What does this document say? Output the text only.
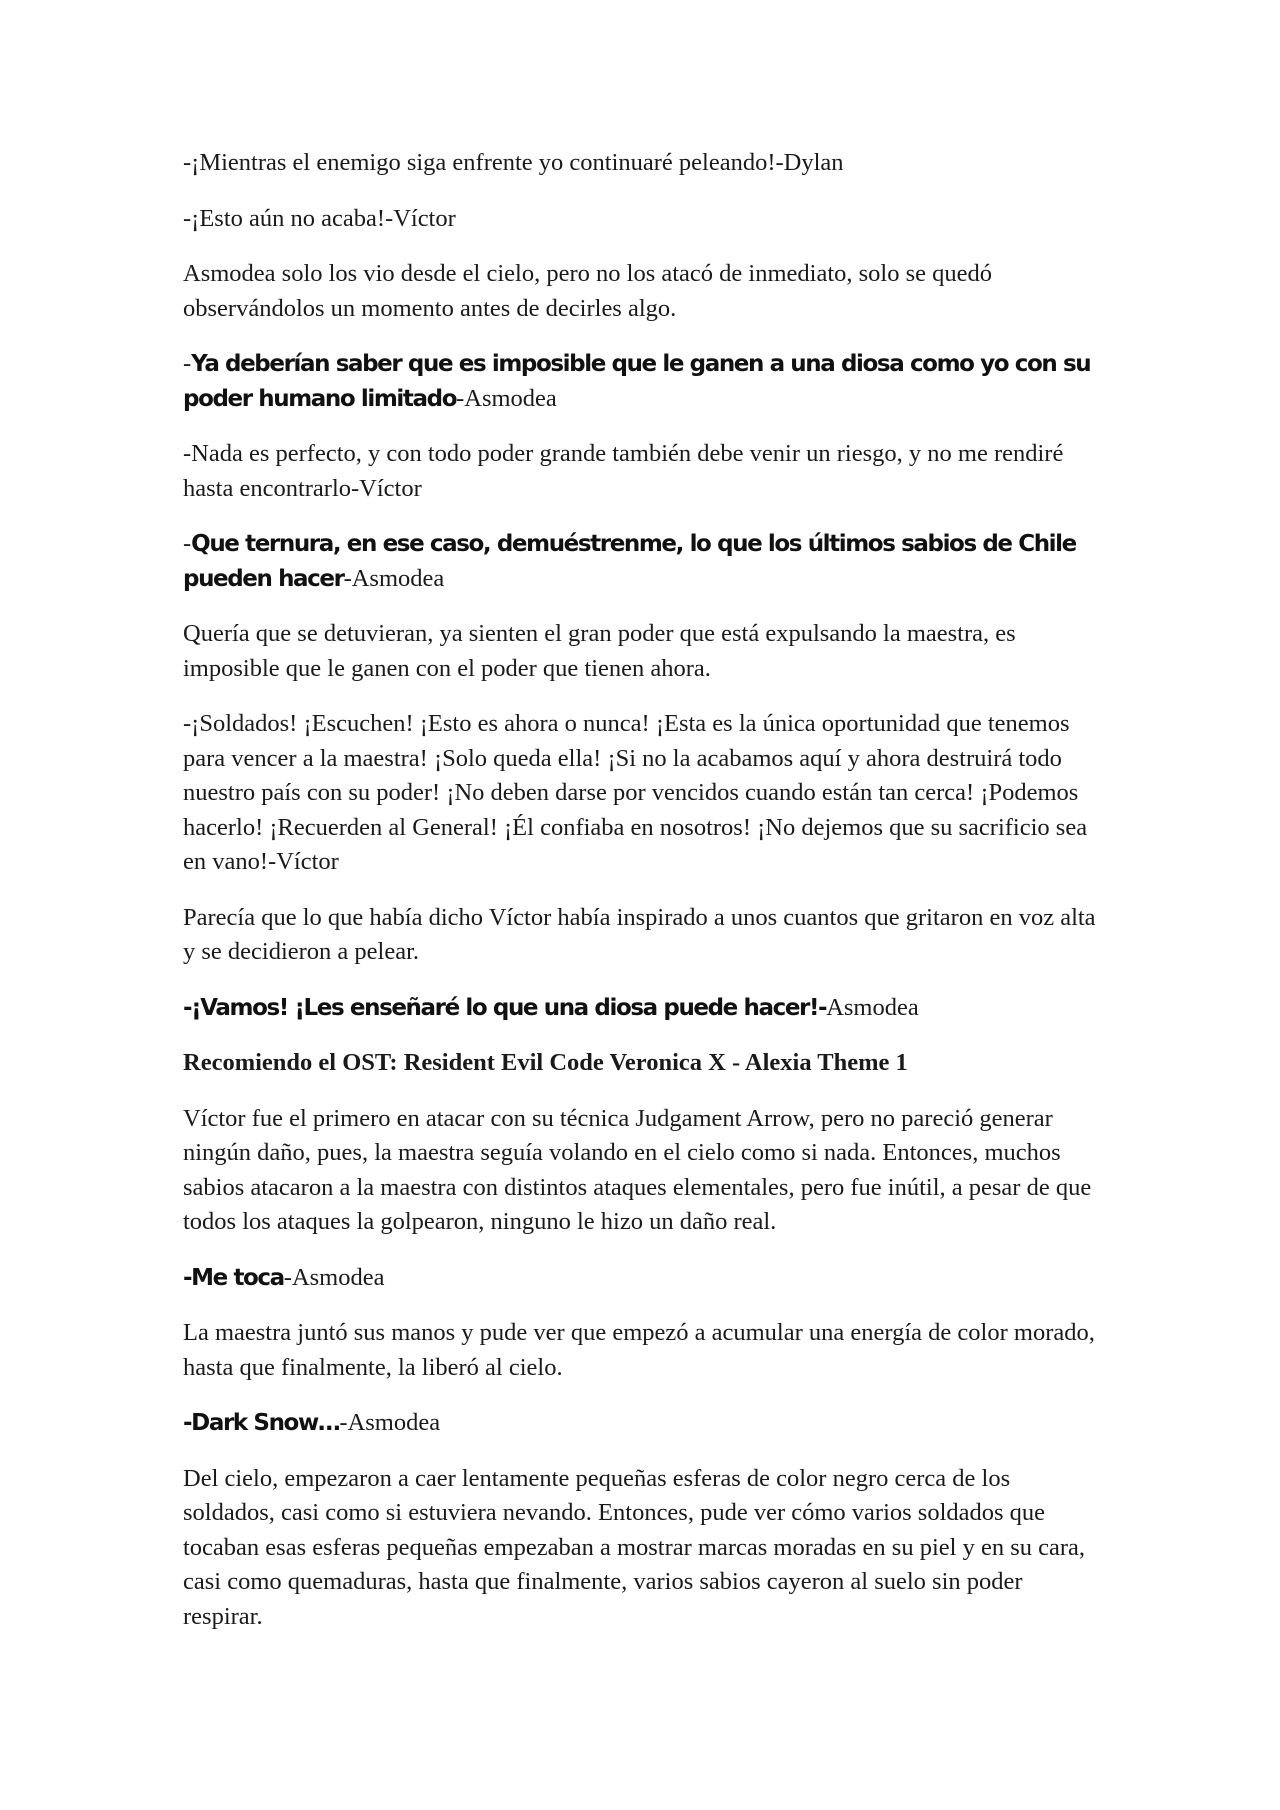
-¡Mientras el enemigo siga enfrente yo continuaré peleando!-Dylan

-¡Esto aún no acaba!-Víctor

Asmodea solo los vio desde el cielo, pero no los atacó de inmediato, solo se quedó observándolos un momento antes de decirles algo.

-Ya deberían saber que es imposible que le ganen a una diosa como yo con su poder humano limitado-Asmodea

-Nada es perfecto, y con todo poder grande también debe venir un riesgo, y no me rendiré hasta encontrarlo-Víctor

-Que ternura, en ese caso, demuéstrenme, lo que los últimos sabios de Chile pueden hacer-Asmodea

Quería que se detuvieran, ya sienten el gran poder que está expulsando la maestra, es imposible que le ganen con el poder que tienen ahora.

-¡Soldados! ¡Escuchen! ¡Esto es ahora o nunca! ¡Esta es la única oportunidad que tenemos para vencer a la maestra! ¡Solo queda ella! ¡Si no la acabamos aquí y ahora destruirá todo nuestro país con su poder! ¡No deben darse por vencidos cuando están tan cerca! ¡Podemos hacerlo! ¡Recuerden al General! ¡Él confiaba en nosotros! ¡No dejemos que su sacrificio sea en vano!-Víctor

Parecía que lo que había dicho Víctor había inspirado a unos cuantos que gritaron en voz alta y se decidieron a pelear.

-¡Vamos! ¡Les enseñaré lo que una diosa puede hacer!-Asmodea

Recomiendo el OST: Resident Evil Code Veronica X - Alexia Theme 1

Víctor fue el primero en atacar con su técnica Judgament Arrow, pero no pareció generar ningún daño, pues, la maestra seguía volando en el cielo como si nada. Entonces, muchos sabios atacaron a la maestra con distintos ataques elementales, pero fue inútil, a pesar de que todos los ataques la golpearon, ninguno le hizo un daño real.

-Me toca-Asmodea

La maestra juntó sus manos y pude ver que empezó a acumular una energía de color morado, hasta que finalmente, la liberó al cielo.

-Dark Snow…-Asmodea

Del cielo, empezaron a caer lentamente pequeñas esferas de color negro cerca de los soldados, casi como si estuviera nevando. Entonces, pude ver cómo varios soldados que tocaban esas esferas pequeñas empezaban a mostrar marcas moradas en su piel y en su cara, casi como quemaduras, hasta que finalmente, varios sabios cayeron al suelo sin poder respirar.
